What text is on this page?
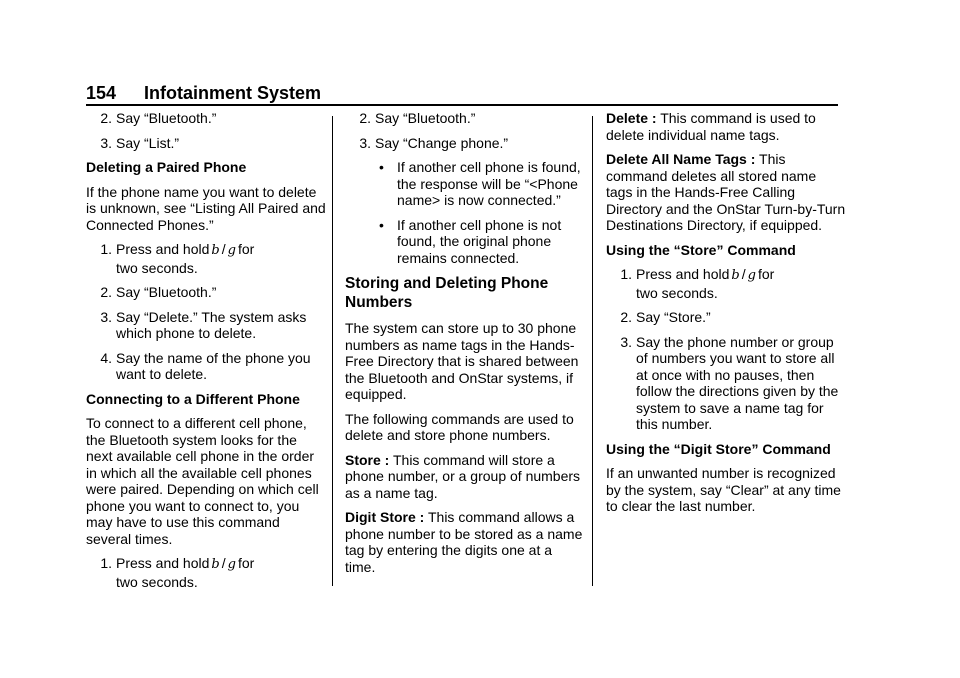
154 Infotainment System
2. Say “Bluetooth.”
3. Say “List.”

Deleting a Paired Phone

If the phone name you want to delete is unknown, see “Listing All Paired and Connected Phones.”

1. Press and hold b / g for
two seconds.
2. Say “Bluetooth.”
3. Say “Delete.” The system asks which phone to delete.
4. Say the name of the phone you want to delete.

Connecting to a Different Phone

To connect to a different cell phone, the Bluetooth system looks for the next available cell phone in the order in which all the available cell phones were paired. Depending on which cell phone you want to connect to, you may have to use this command several times.

1. Press and hold b / g for
two seconds.
2. Say “Bluetooth.”
3. Say “Change phone.”
• If another cell phone is found, the response will be “<Phone name> is now connected.”
• If another cell phone is not found, the original phone remains connected.

Storing and Deleting Phone Numbers

The system can store up to 30 phone numbers as name tags in the Hands-Free Directory that is shared between the Bluetooth and OnStar systems, if equipped.

The following commands are used to delete and store phone numbers.

Store : This command will store a phone number, or a group of numbers as a name tag.

Digit Store : This command allows a phone number to be stored as a name tag by entering the digits one at a time.

Delete : This command is used to delete individual name tags.

Delete All Name Tags : This command deletes all stored name tags in the Hands-Free Calling Directory and the OnStar Turn-by-Turn Destinations Directory, if equipped.

Using the “Store” Command

1. Press and hold b / g for
two seconds.
2. Say “Store.”
3. Say the phone number or group of numbers you want to store all at once with no pauses, then follow the directions given by the system to save a name tag for this number.

Using the “Digit Store” Command

If an unwanted number is recognized by the system, say “Clear” at any time to clear the last number.
